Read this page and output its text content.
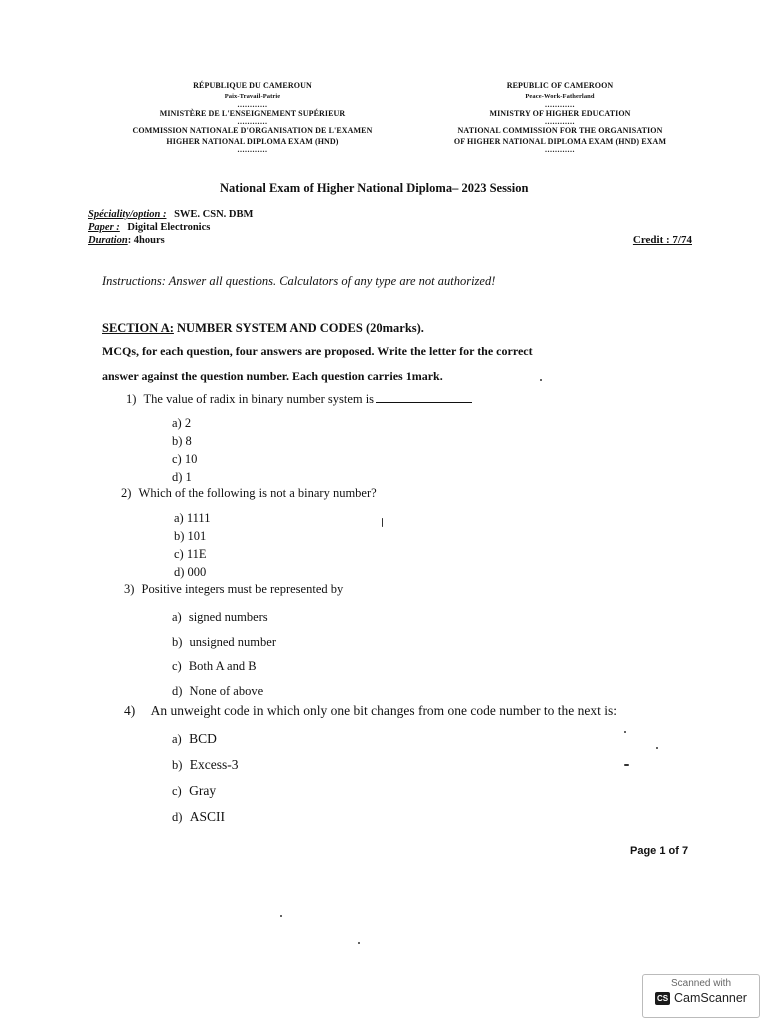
RÉPUBLIQUE DU CAMEROUN
Paix-Travail-Patrie
............
MINISTÈRE DE L'ENSEIGNEMENT SUPÉRIEUR
............
COMMISSION NATIONALE D'ORGANISATION DE L'EXAMEN
HIGHER NATIONAL DIPLOMA EXAM (HND)
............
REPUBLIC OF CAMEROON
Peace-Work-Fatherland
............
MINISTRY OF HIGHER EDUCATION
............
NATIONAL COMMISSION FOR THE ORGANISATION
OF HIGHER NATIONAL DIPLOMA EXAM (HND) EXAM
............
National Exam of Higher National Diploma– 2023 Session
Spéciality/option : SWE. CSN. DBM
Paper : Digital Electronics
Duration: 4hours	Credit : 7/74
Instructions: Answer all questions. Calculators of any type are not authorized!
SECTION A: NUMBER SYSTEM AND CODES (20marks).
MCQs, for each question, four answers are proposed. Write the letter for the correct
answer against the question number. Each question carries 1mark.
1) The value of radix in binary number system is
a) 2
b) 8
c) 10
d) 1
2) Which of the following is not a binary number?
a) 1111
b) 101
c) 11E
d) 000
3) Positive integers must be represented by
a) signed numbers
b) unsigned number
c) Both A and B
d) None of above
4) An unweight code in which only one bit changes from one code number to the next is:
a) BCD
b) Excess-3
c) Gray
d) ASCII
Page 1 of 7
Scanned with
CS CamScanner
